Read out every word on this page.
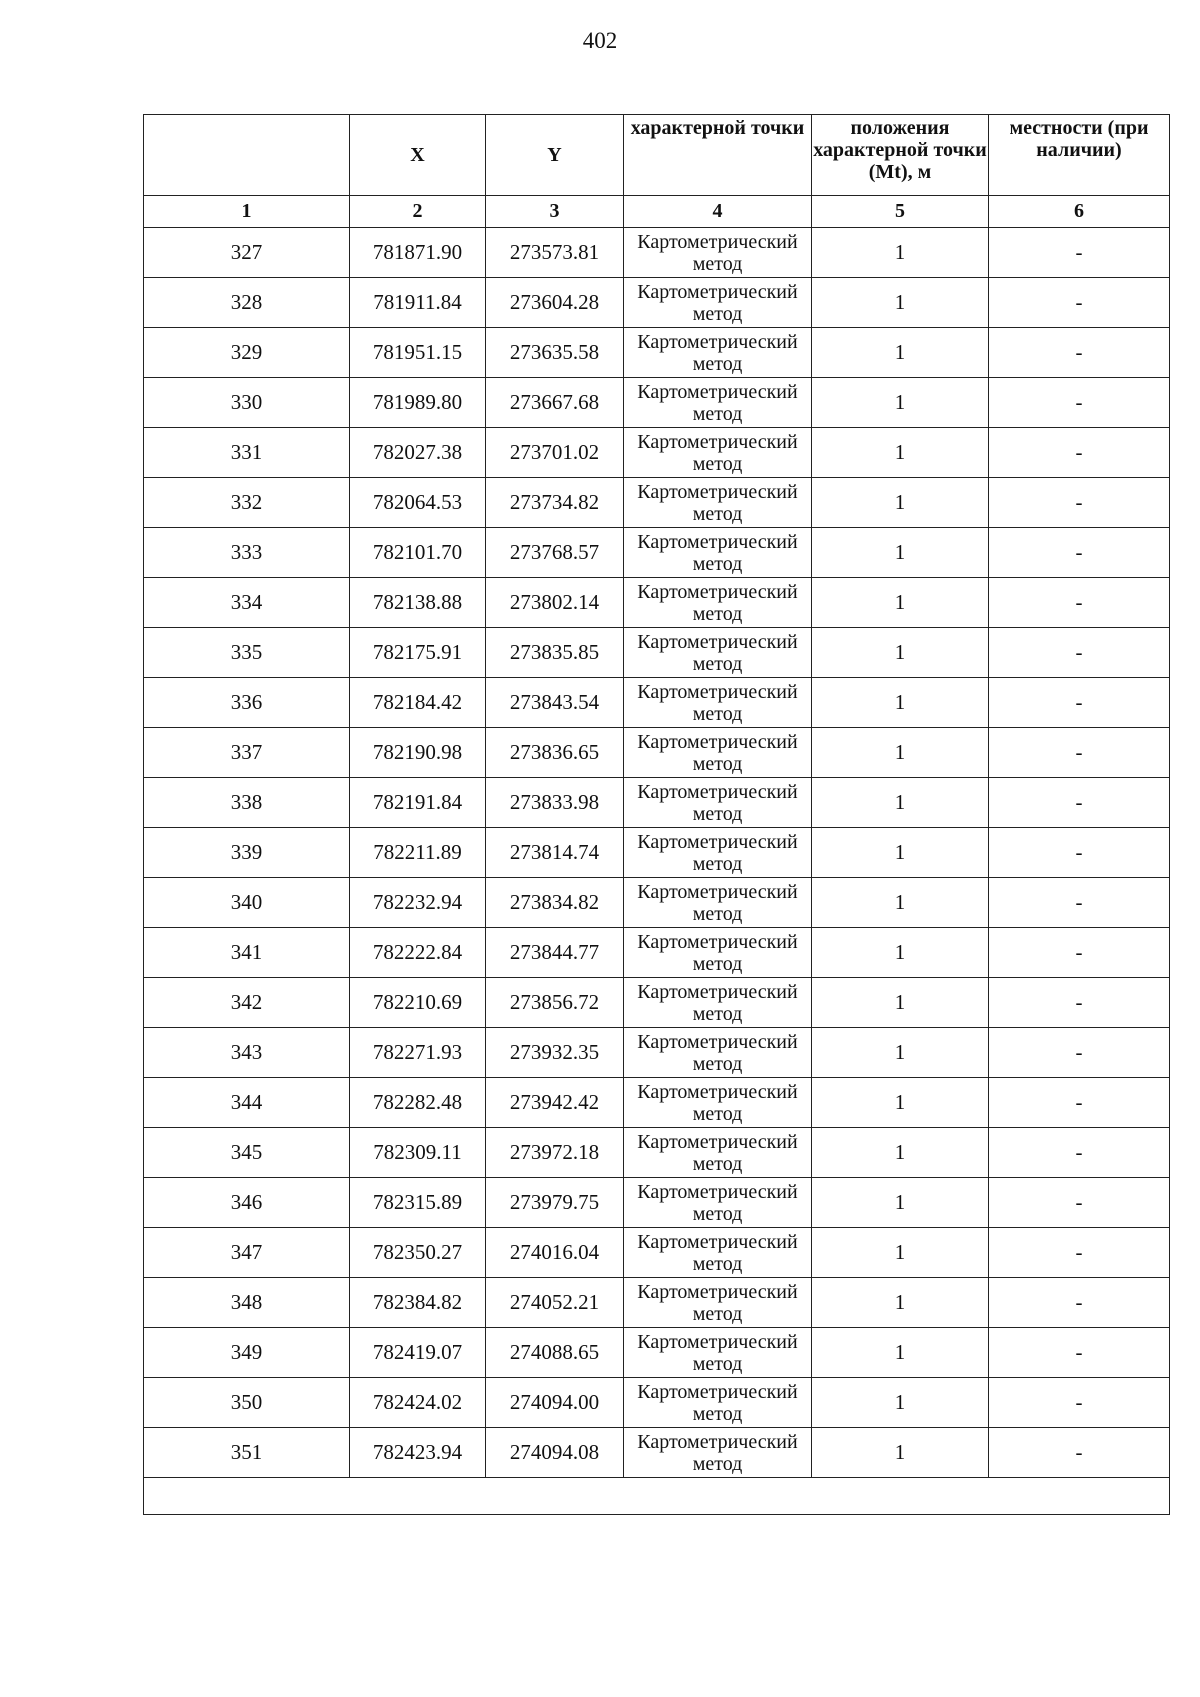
402
	X	Y	характерной точки	положения характерной точки (Mt), м	местности (при наличии)
1	2	3	4	5	6
327	781871.90	273573.81	Картометрический метод	1	-
328	781911.84	273604.28	Картометрический метод	1	-
329	781951.15	273635.58	Картометрический метод	1	-
330	781989.80	273667.68	Картометрический метод	1	-
331	782027.38	273701.02	Картометрический метод	1	-
332	782064.53	273734.82	Картометрический метод	1	-
333	782101.70	273768.57	Картометрический метод	1	-
334	782138.88	273802.14	Картометрический метод	1	-
335	782175.91	273835.85	Картометрический метод	1	-
336	782184.42	273843.54	Картометрический метод	1	-
337	782190.98	273836.65	Картометрический метод	1	-
338	782191.84	273833.98	Картометрический метод	1	-
339	782211.89	273814.74	Картометрический метод	1	-
340	782232.94	273834.82	Картометрический метод	1	-
341	782222.84	273844.77	Картометрический метод	1	-
342	782210.69	273856.72	Картометрический метод	1	-
343	782271.93	273932.35	Картометрический метод	1	-
344	782282.48	273942.42	Картометрический метод	1	-
345	782309.11	273972.18	Картометрический метод	1	-
346	782315.89	273979.75	Картометрический метод	1	-
347	782350.27	274016.04	Картометрический метод	1	-
348	782384.82	274052.21	Картометрический метод	1	-
349	782419.07	274088.65	Картометрический метод	1	-
350	782424.02	274094.00	Картометрический метод	1	-
351	782423.94	274094.08	Картометрический метод	1	-
